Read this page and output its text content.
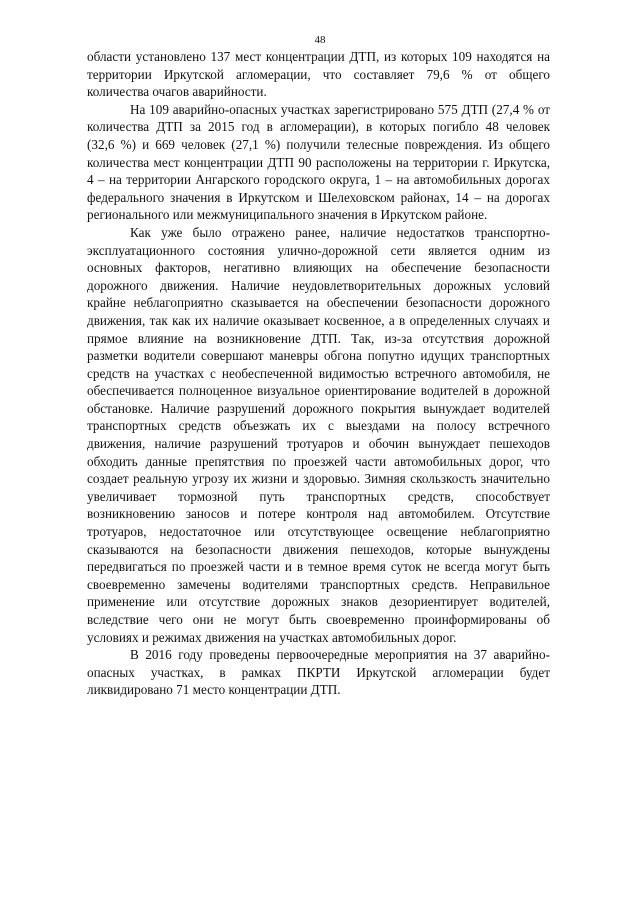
48
области установлено 137 мест концентрации ДТП, из которых 109 находятся на
территории Иркутской агломерации, что составляет 79,6 % от общего
количества очагов аварийности.
На 109 аварийно-опасных участках зарегистрировано 575 ДТП (27,4 % от
количества ДТП за 2015 год в агломерации), в которых погибло 48 человек
(32,6 %) и 669 человек (27,1 %) получили телесные повреждения. Из общего
количества мест концентрации ДТП 90 расположены на территории г. Иркутска,
4 – на территории Ангарского городского округа, 1 – на автомобильных дорогах
федерального значения в Иркутском и Шелеховском районах, 14 – на дорогах
регионального или межмуниципального значения в Иркутском районе.
Как уже было отражено ранее, наличие недостатков транспортно-
эксплуатационного состояния улично-дорожной сети является одним из
основных факторов, негативно влияющих на обеспечение безопасности
дорожного движения. Наличие неудовлетворительных дорожных условий
крайне неблагоприятно сказывается на обеспечении безопасности дорожного
движения, так как их наличие оказывает косвенное, а в определенных случаях и
прямое влияние на возникновение ДТП. Так, из-за отсутствия дорожной
разметки водители совершают маневры обгона попутно идущих транспортных
средств на участках с необеспеченной видимостью встречного автомобиля, не
обеспечивается полноценное визуальное ориентирование водителей в дорожной
обстановке. Наличие разрушений дорожного покрытия вынуждает водителей
транспортных средств объезжать их с выездами на полосу встречного
движения, наличие разрушений тротуаров и обочин вынуждает пешеходов
обходить данные препятствия по проезжей части автомобильных дорог, что
создает реальную угрозу их жизни и здоровью. Зимняя скользкость значительно
увеличивает тормозной путь транспортных средств, способствует
возникновению заносов и потере контроля над автомобилем. Отсутствие
тротуаров, недостаточное или отсутствующее освещение неблагоприятно
сказываются на безопасности движения пешеходов, которые вынуждены
передвигаться по проезжей части и в темное время суток не всегда могут быть
своевременно замечены водителями транспортных средств. Неправильное
применение или отсутствие дорожных знаков дезориентирует водителей,
вследствие чего они не могут быть своевременно проинформированы об
условиях и режимах движения на участках автомобильных дорог.
В 2016 году проведены первоочередные мероприятия на 37 аварийно-
опасных участках, в рамках ПКРТИ Иркутской агломерации будет
ликвидировано 71 место концентрации ДТП.
